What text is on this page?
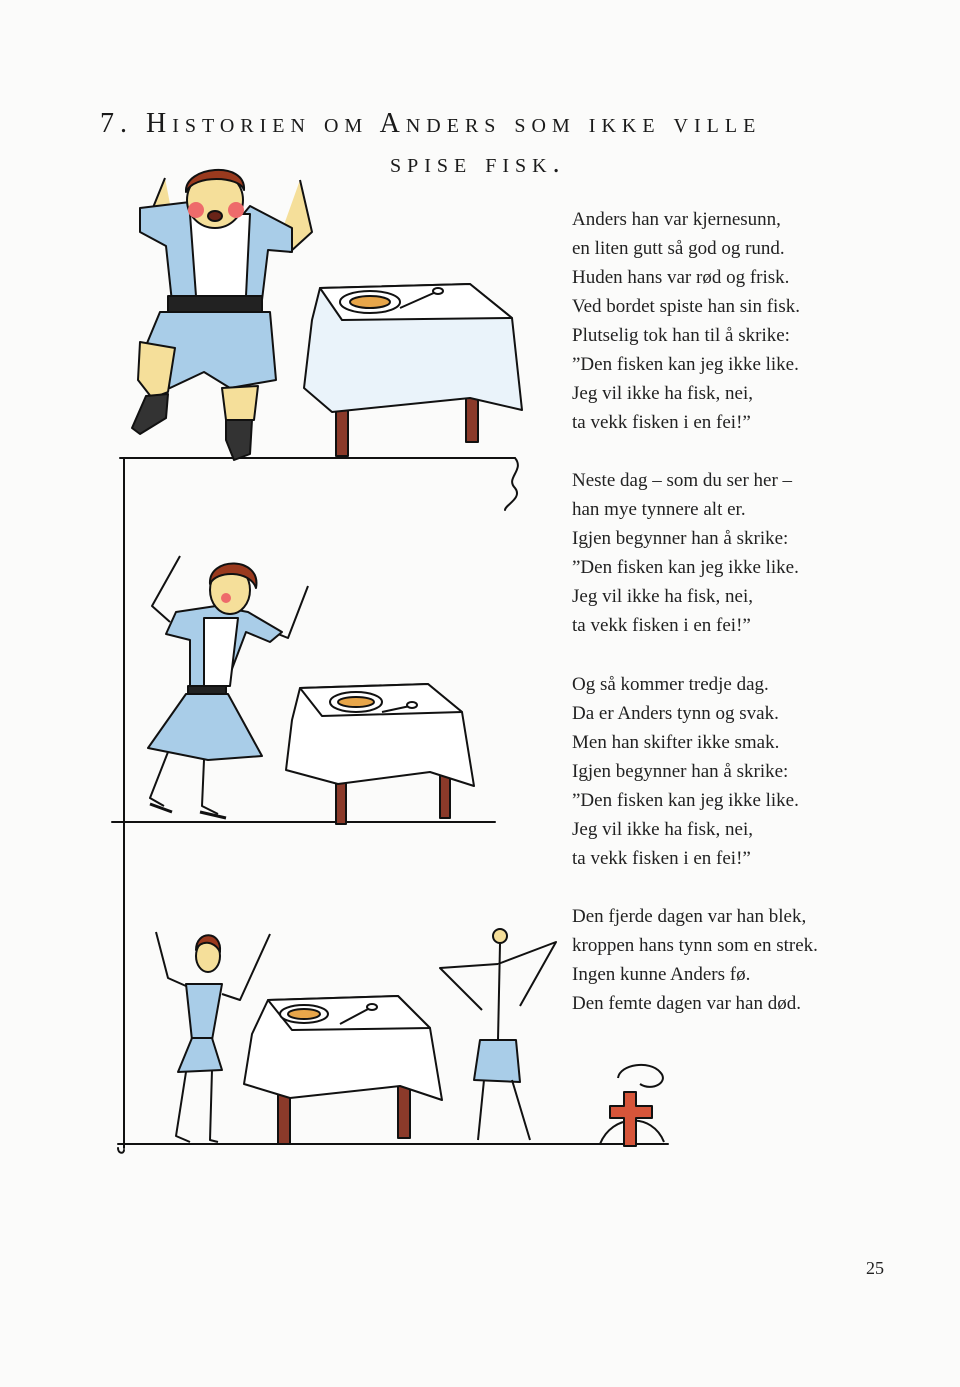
7. Historien om Anders som ikke ville
spise fisk.
Anders han var kjernesunn,
en liten gutt så god og rund.
Huden hans var rød og frisk.
Ved bordet spiste han sin fisk.
Plutselig tok han til å skrike:
”Den fisken kan jeg ikke like.
Jeg vil ikke ha fisk, nei,
ta vekk fisken i en fei!”
Neste dag – som du ser her –
han mye tynnere alt er.
Igjen begynner han å skrike:
”Den fisken kan jeg ikke like.
Jeg vil ikke ha fisk, nei,
ta vekk fisken i en fei!”
Og så kommer tredje dag.
Da er Anders tynn og svak.
Men han skifter ikke smak.
Igjen begynner han å skrike:
”Den fisken kan jeg ikke like.
Jeg vil ikke ha fisk, nei,
ta vekk fisken i en fei!”
Den fjerde dagen var han blek,
kroppen hans tynn som en strek.
Ingen kunne Anders fø.
Den femte dagen var han død.
25
